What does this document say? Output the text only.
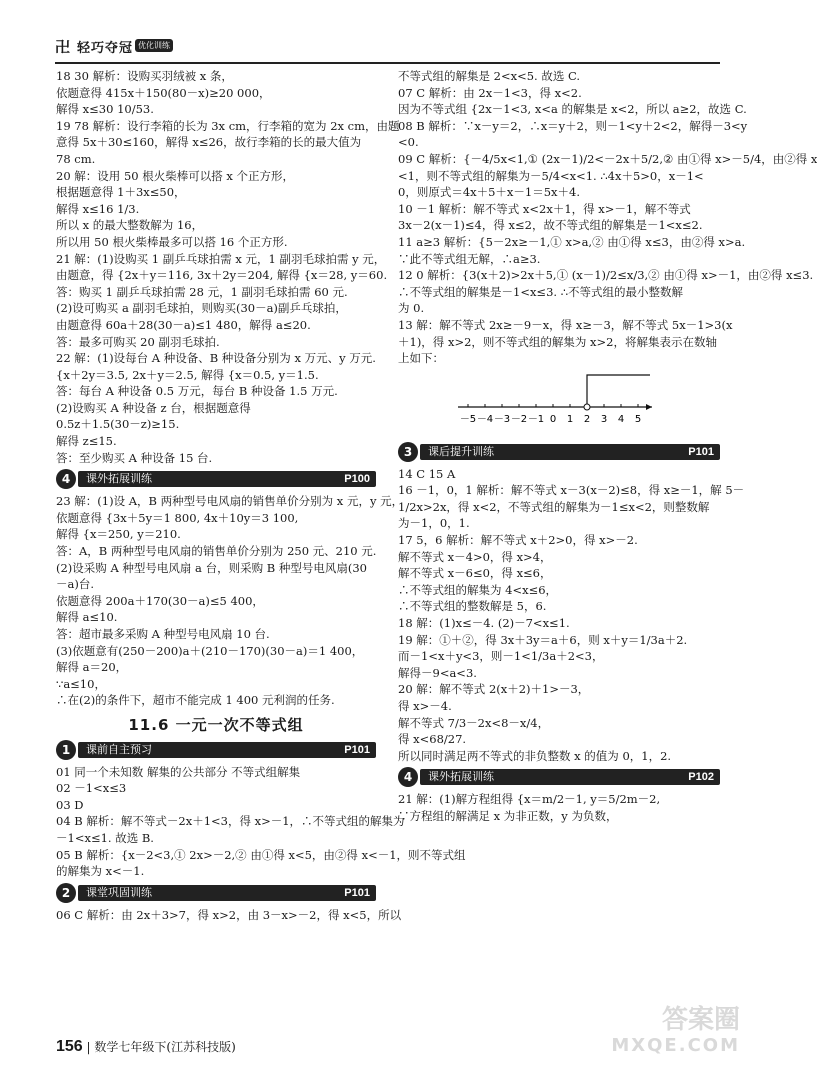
卍 轻巧夺冠 优化训练
18 30 解析：设购买羽绒被 x 条，
依题意得 415x＋150(80－x)≥20 000，
解得 x≤30 10/53.
19 78 解析：设行李箱的长为 3x cm，行李箱的宽为 2x cm，由题
意得 5x＋30≤160，解得 x≤26，故行李箱的长的最大值为
78 cm.
20 解：设用 50 根火柴棒可以搭 x 个正方形，
根据题意得 1＋3x≤50，
解得 x≤16 1/3.
所以 x 的最大整数解为 16，
所以用 50 根火柴棒最多可以搭 16 个正方形.
21 解：(1)设购买 1 副乒乓球拍需 x 元，1 副羽毛球拍需 y 元，
由题意，得 {2x＋y＝116, 3x＋2y＝204, 解得 {x＝28, y＝60.
答：购买 1 副乒乓球拍需 28 元，1 副羽毛球拍需 60 元.
(2)设可购买 a 副羽毛球拍，则购买(30－a)副乒乓球拍，
由题意得 60a＋28(30－a)≤1 480，解得 a≤20.
答：最多可购买 20 副羽毛球拍.
22 解：(1)设每台 A 种设备、B 种设备分别为 x 万元、y 万元.
{x＋2y＝3.5, 2x＋y＝2.5, 解得 {x＝0.5, y＝1.5.
答：每台 A 种设备 0.5 万元，每台 B 种设备 1.5 万元.
(2)设购买 A 种设备 z 台，根据题意得
0.5z＋1.5(30－z)≥15.
解得 z≤15.
答：至少购买 A 种设备 15 台.
课外拓展训练	P100
4
23 解：(1)设 A，B 两种型号电风扇的销售单价分别为 x 元，y 元，
依题意得 {3x＋5y＝1 800, 4x＋10y＝3 100,
解得 {x＝250, y＝210.
答：A，B 两种型号电风扇的销售单价分别为 250 元、210 元.
(2)设采购 A 种型号电风扇 a 台，则采购 B 种型号电风扇(30
－a)台.
依题意得 200a＋170(30－a)≤5 400，
解得 a≤10.
答：超市最多采购 A 种型号电风扇 10 台.
(3)依题意有(250－200)a＋(210－170)(30－a)＝1 400，
解得 a＝20，
∵a≤10，
∴在(2)的条件下，超市不能完成 1 400 元利润的任务.
11.6 一元一次不等式组
课前自主预习	P101
1
01 同一个未知数 解集的公共部分 不等式组解集
02 －1<x≤3
03 D
04 B 解析：解不等式－2x＋1<3，得 x>－1，∴不等式组的解集为
－1<x≤1. 故选 B.
05 B 解析：{x－2<3,① 2x>－2,② 由①得 x<5，由②得 x<－1，则不等式组
的解集为 x<－1.
课堂巩固训练	P101
2
06 C 解析：由 2x＋3>7，得 x>2，由 3－x>－2，得 x<5，所以
不等式组的解集是 2<x<5. 故选 C.
07 C 解析：由 2x－1<3，得 x<2.
因为不等式组 {2x－1<3, x<a 的解集是 x<2，所以 a≥2，故选 C.
08 B 解析：∵x－y＝2，∴x＝y＋2，则－1<y＋2<2，解得－3<y
<0.
09 C 解析：{－4/5x<1,① (2x－1)/2<－2x＋5/2,② 由①得 x>－5/4，由②得 x
<1，则不等式组的解集为－5/4<x<1. ∴4x＋5>0，x－1<
0，则原式＝4x＋5＋x－1＝5x＋4.
10 －1 解析：解不等式 x<2x＋1，得 x>－1，解不等式
3x－2(x－1)≤4，得 x≤2，故不等式组的解集是－1<x≤2.
11 a≥3 解析：{5－2x≥－1,① x>a,② 由①得 x≤3，由②得 x>a.
∵此不等式组无解，∴a≥3.
12 0 解析：{3(x＋2)>2x＋5,① (x－1)/2≤x/3,② 由①得 x>－1，由②得 x≤3.
∴不等式组的解集是－1<x≤3. ∴不等式组的最小整数解
为 0.
13 解：解不等式 2x≥－9－x，得 x≥－3，解不等式 5x－1>3(x
＋1)，得 x>2，则不等式组的解集为 x>2，将解集表示在数轴
上如下：
－5 －4 －3 －2 －1 0 1 2 3 4 5
课后提升训练	P101
3
14 C 15 A
16 －1，0，1 解析：解不等式 x－3(x－2)≤8，得 x≥－1，解 5－
1/2x>2x，得 x<2，不等式组的解集为－1≤x<2，则整数解
为－1，0，1.
17 5，6 解析：解不等式 x＋2>0，得 x>－2.
解不等式 x－4>0，得 x>4，
解不等式 x－6≤0，得 x≤6，
∴不等式组的解集为 4<x≤6，
∴不等式组的整数解是 5，6.
18 解：(1)x≤－4. (2)－7<x≤1.
19 解：①＋②，得 3x＋3y＝a＋6，则 x＋y＝1/3a＋2.
而－1<x＋y<3，则－1<1/3a＋2<3，
解得－9<a<3.
20 解：解不等式 2(x＋2)＋1>－3，
得 x>－4.
解不等式 7/3－2x<8－x/4，
得 x<68/27.
所以同时满足两不等式的非负整数 x 的值为 0，1，2.
课外拓展训练	P102
4
21 解：(1)解方程组得 {x＝m/2－1, y＝5/2m－2,
∵方程组的解满足 x 为非正数，y 为负数，
156 | 数学七年级下(江苏科技版)
答案圈
MXQE.COM
